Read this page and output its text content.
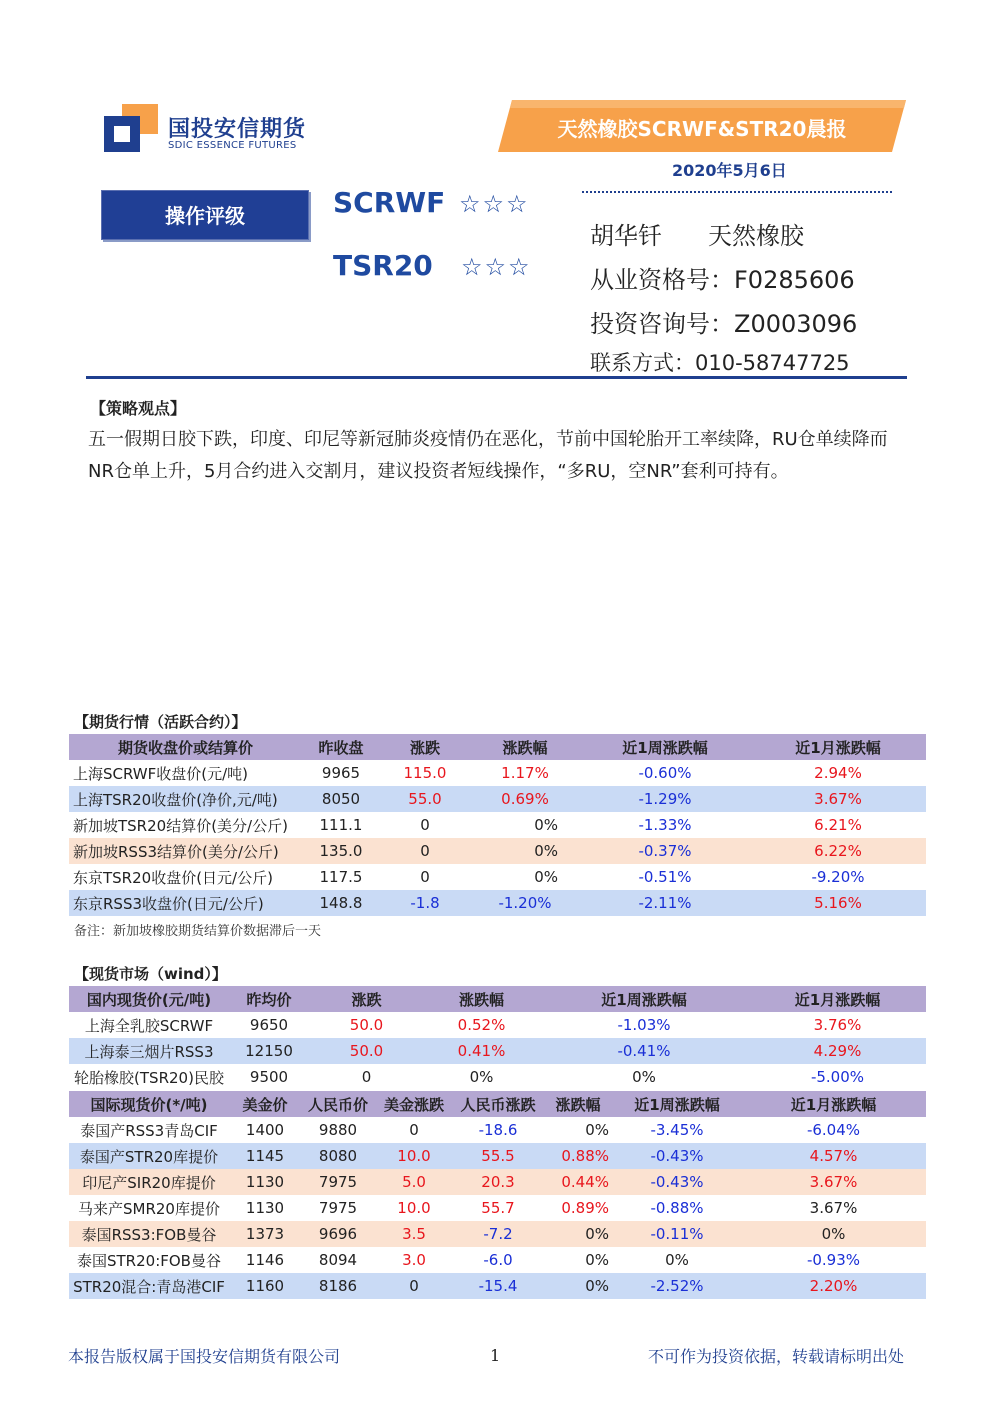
国投安信期货
SDIC ESSENCE FUTURES
天然橡胶SCRWF&STR20晨报
2020年5月6日
操作评级	SCRWF ☆☆☆
TSR20 ☆☆☆
胡华钎 天然橡胶
从业资格号：F0285606
投资咨询号：Z0003096
联系方式：010-58747725
【策略观点】
五一假期日胶下跌，印度、印尼等新冠肺炎疫情仍在恶化，节前中国轮胎开工率续降，RU仓单续降而NR仓单上升，5月合约进入交割月，建议投资者短线操作，“多RU，空NR”套利可持有。
【期货行情（活跃合约）】
期货收盘价或结算价	昨收盘	涨跌	涨跌幅	近1周涨跌幅	近1月涨跌幅
上海SCRWF收盘价(元/吨)	9965	115.0	1.17%	-0.60%	2.94%
上海TSR20收盘价(净价,元/吨)	8050	55.0	0.69%	-1.29%	3.67%
新加坡TSR20结算价(美分/公斤)	111.1	0	0%	-1.33%	6.21%
新加坡RSS3结算价(美分/公斤)	135.0	0	0%	-0.37%	6.22%
东京TSR20收盘价(日元/公斤)	117.5	0	0%	-0.51%	-9.20%
东京RSS3收盘价(日元/公斤)	148.8	-1.8	-1.20%	-2.11%	5.16%
备注：新加坡橡胶期货结算价数据滞后一天
【现货市场（wind）】
国内现货价(元/吨)	昨均价	涨跌	涨跌幅	近1周涨跌幅	近1月涨跌幅
上海全乳胶SCRWF	9650	50.0	0.52%	-1.03%	3.76%
上海泰三烟片RSS3	12150	50.0	0.41%	-0.41%	4.29%
轮胎橡胶(TSR20)民胶	9500	0	0%	0%	-5.00%
国际现货价(*/吨)	美金价	人民币价	美金涨跌	人民币涨跌	涨跌幅	近1周涨跌幅	近1月涨跌幅
泰国产RSS3青岛CIF	1400	9880	0	-18.6	0%	-3.45%	-6.04%
泰国产STR20库提价	1145	8080	10.0	55.5	0.88%	-0.43%	4.57%
印尼产SIR20库提价	1130	7975	5.0	20.3	0.44%	-0.43%	3.67%
马来产SMR20库提价	1130	7975	10.0	55.7	0.89%	-0.88%	3.67%
泰国RSS3:FOB曼谷	1373	9696	3.5	-7.2	0%	-0.11%	0%
泰国STR20:FOB曼谷	1146	8094	3.0	-6.0	0%	0%	-0.93%
STR20混合:青岛港CIF	1160	8186	0	-15.4	0%	-2.52%	2.20%
本报告版权属于国投安信期货有限公司	1	不可作为投资依据，转载请标明出处
